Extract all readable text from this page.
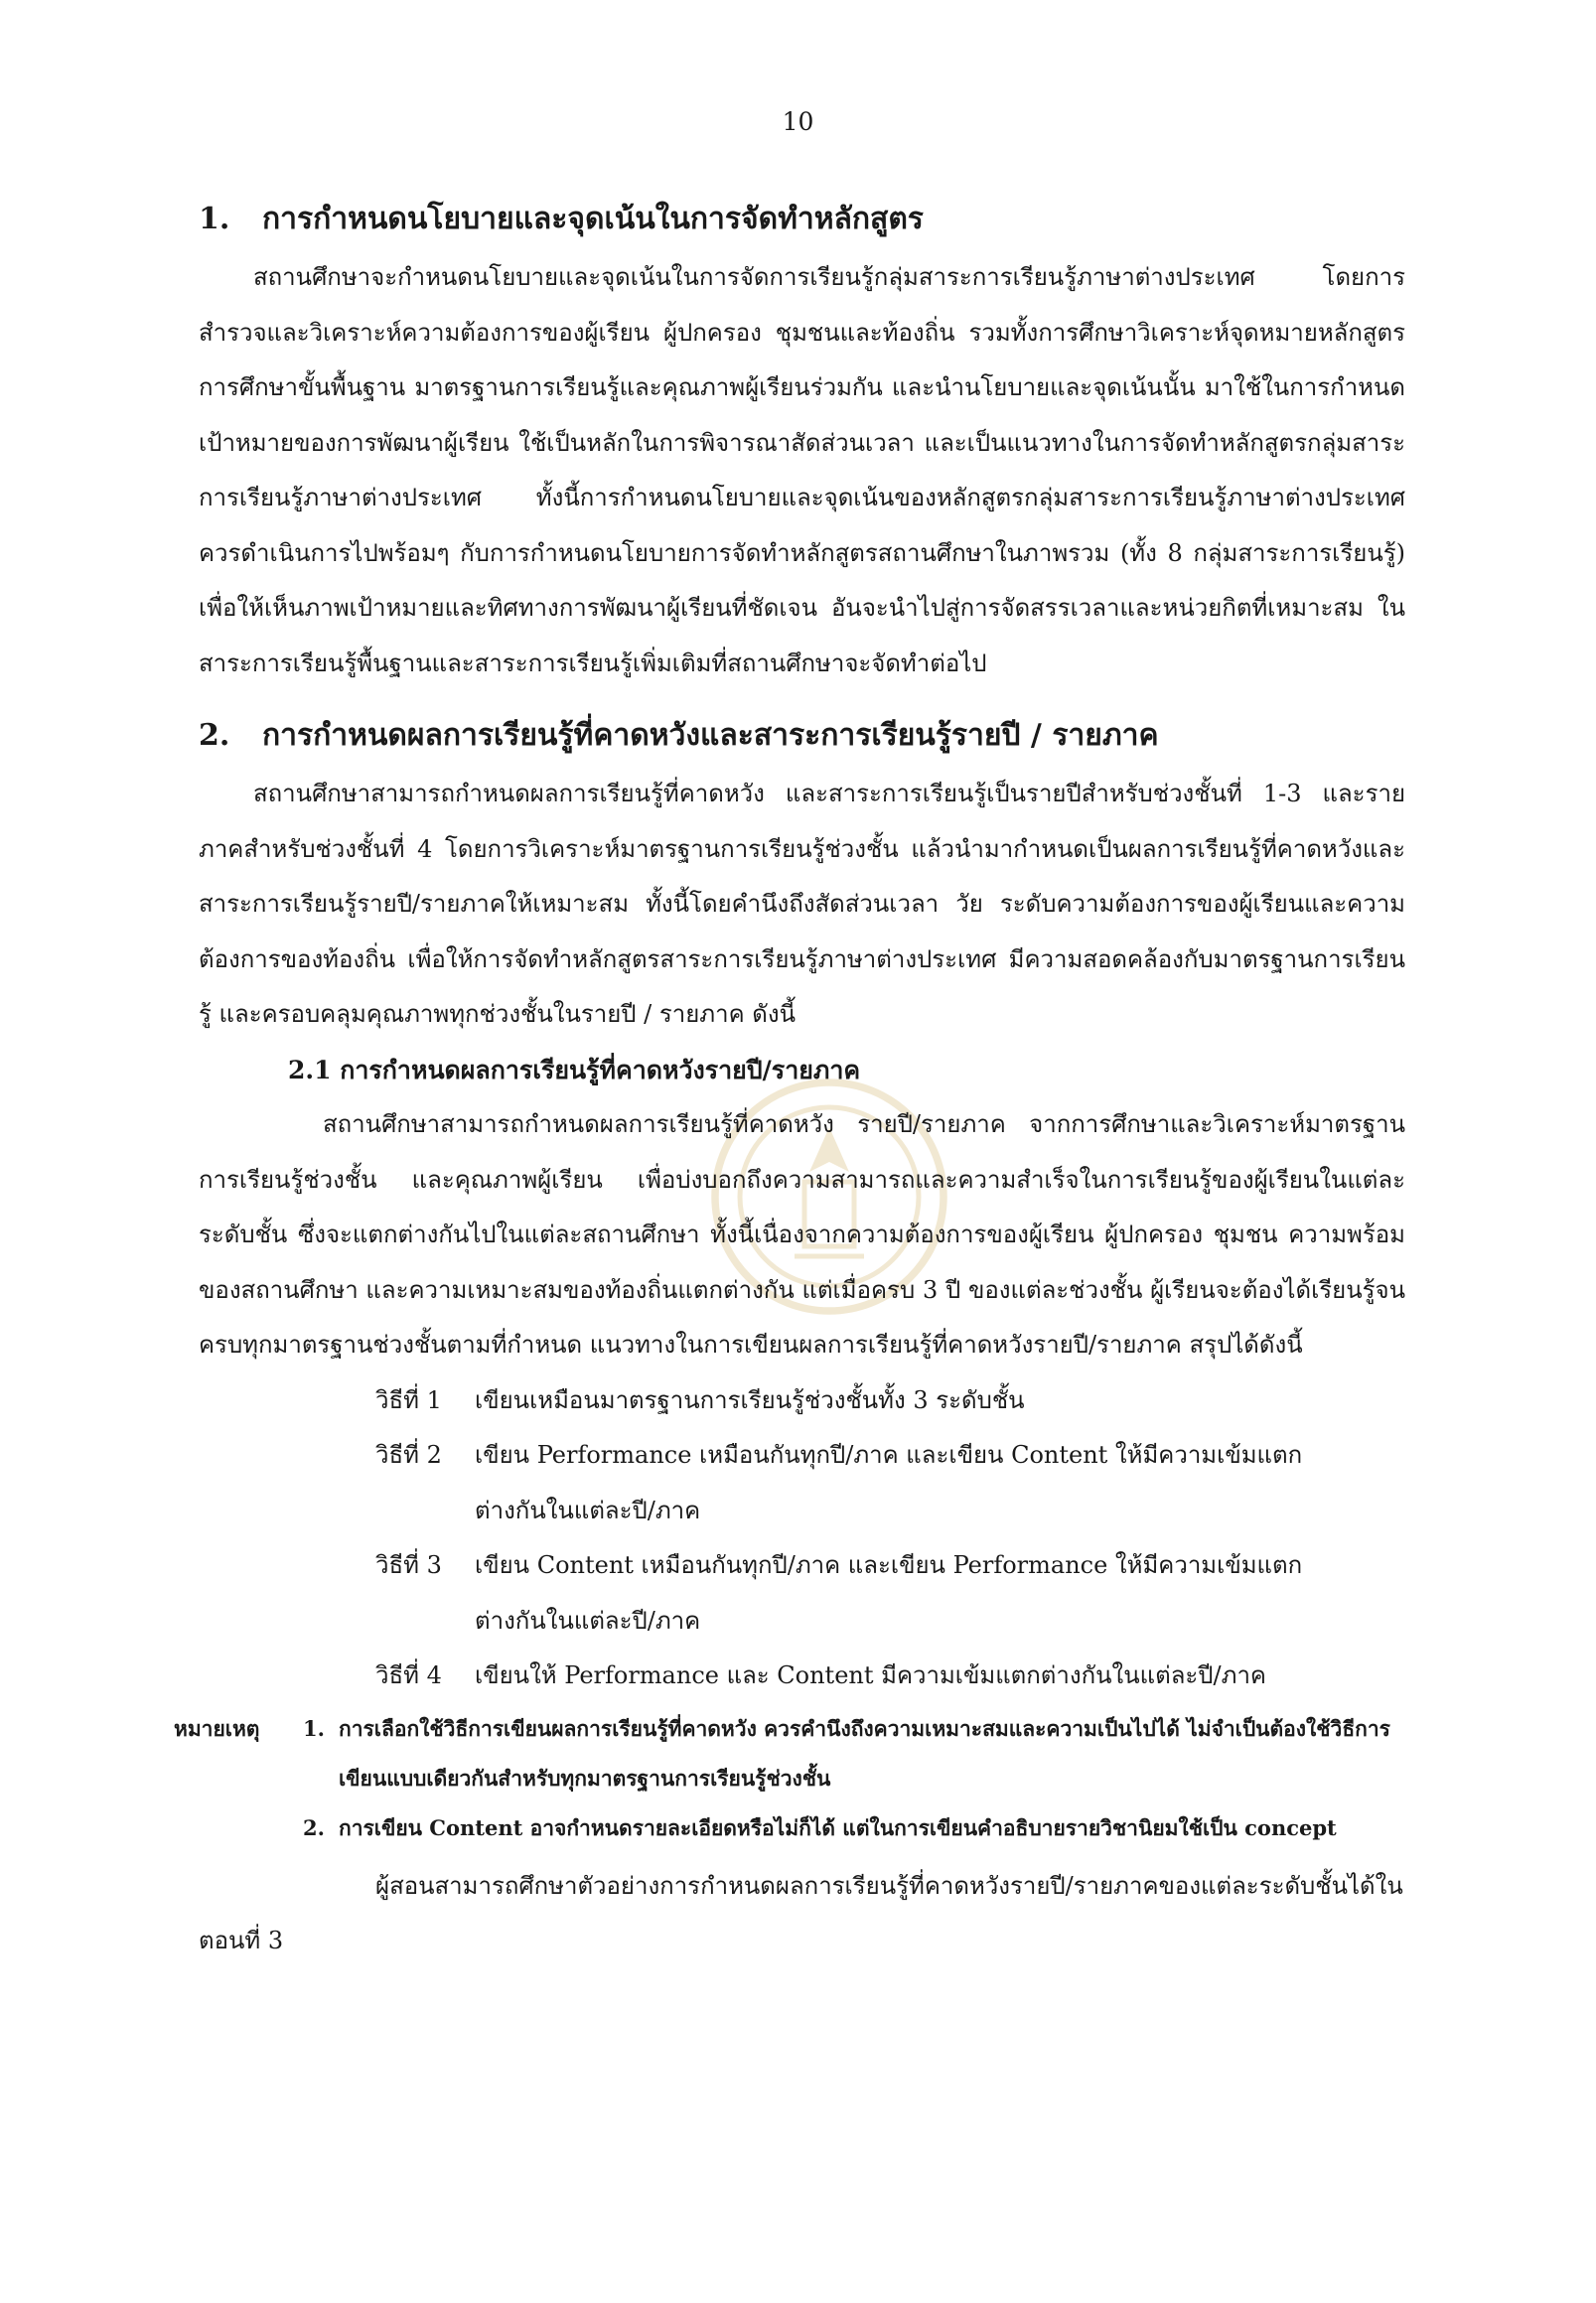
10
1. การกำหนดนโยบายและจุดเน้นในการจัดทำหลักสูตร

สถานศึกษาจะกำหนดนโยบายและจุดเน้นในการจัดการเรียนรู้กลุ่มสาระการเรียนรู้ภาษาต่างประเทศ โดยการสำรวจและวิเคราะห์ความต้องการของผู้เรียน ผู้ปกครอง ชุมชนและท้องถิ่น รวมทั้งการศึกษาวิเคราะห์จุดหมายหลักสูตรการศึกษาขั้นพื้นฐาน มาตรฐานการเรียนรู้และคุณภาพผู้เรียนร่วมกัน และนำนโยบายและจุดเน้นนั้น มาใช้ในการกำหนดเป้าหมายของการพัฒนาผู้เรียน ใช้เป็นหลักในการพิจารณาสัดส่วนเวลา และเป็นแนวทางในการจัดทำหลักสูตรกลุ่มสาระการเรียนรู้ภาษาต่างประเทศ ทั้งนี้การกำหนดนโยบายและจุดเน้นของหลักสูตรกลุ่มสาระการเรียนรู้ภาษาต่างประเทศ ควรดำเนินการไปพร้อมๆ กับการกำหนดนโยบายการจัดทำหลักสูตรสถานศึกษาในภาพรวม (ทั้ง 8 กลุ่มสาระการเรียนรู้) เพื่อให้เห็นภาพเป้าหมายและทิศทางการพัฒนาผู้เรียนที่ชัดเจน อันจะนำไปสู่การจัดสรรเวลาและหน่วยกิตที่เหมาะสม ในสาระการเรียนรู้พื้นฐานและสาระการเรียนรู้เพิ่มเติมที่สถานศึกษาจะจัดทำต่อไป

2. การกำหนดผลการเรียนรู้ที่คาดหวังและสาระการเรียนรู้รายปี / รายภาค

สถานศึกษาสามารถกำหนดผลการเรียนรู้ที่คาดหวัง และสาระการเรียนรู้เป็นรายปีสำหรับช่วงชั้นที่ 1-3 และรายภาคสำหรับช่วงชั้นที่ 4 โดยการวิเคราะห์มาตรฐานการเรียนรู้ช่วงชั้น แล้วนำมากำหนดเป็นผลการเรียนรู้ที่คาดหวังและสาระการเรียนรู้รายปี/รายภาคให้เหมาะสม ทั้งนี้โดยคำนึงถึงสัดส่วนเวลา วัย ระดับความต้องการของผู้เรียนและความต้องการของท้องถิ่น เพื่อให้การจัดทำหลักสูตรสาระการเรียนรู้ภาษาต่างประเทศ มีความสอดคล้องกับมาตรฐานการเรียนรู้ และครอบคลุมคุณภาพทุกช่วงชั้นในรายปี / รายภาค ดังนี้

2.1 การกำหนดผลการเรียนรู้ที่คาดหวังรายปี/รายภาค

สถานศึกษาสามารถกำหนดผลการเรียนรู้ที่คาดหวัง รายปี/รายภาค จากการศึกษาและวิเคราะห์มาตรฐานการเรียนรู้ช่วงชั้น และคุณภาพผู้เรียน เพื่อบ่งบอกถึงความสามารถและความสำเร็จในการเรียนรู้ของผู้เรียนในแต่ละระดับชั้น ซึ่งจะแตกต่างกันไปในแต่ละสถานศึกษา ทั้งนี้เนื่องจากความต้องการของผู้เรียน ผู้ปกครอง ชุมชน ความพร้อมของสถานศึกษา และความเหมาะสมของท้องถิ่นแตกต่างกัน แต่เมื่อครบ 3 ปี ของแต่ละช่วงชั้น ผู้เรียนจะต้องได้เรียนรู้จนครบทุกมาตรฐานช่วงชั้นตามที่กำหนด แนวทางในการเขียนผลการเรียนรู้ที่คาดหวังรายปี/รายภาค สรุปได้ดังนี้

วิธีที่ 1	เขียนเหมือนมาตรฐานการเรียนรู้ช่วงชั้นทั้ง 3 ระดับชั้น
วิธีที่ 2	เขียน Performance เหมือนกันทุกปี/ภาค และเขียน Content ให้มีความเข้มแตกต่างกันในแต่ละปี/ภาค
วิธีที่ 3	เขียน Content เหมือนกันทุกปี/ภาค และเขียน Performance ให้มีความเข้มแตกต่างกันในแต่ละปี/ภาค
วิธีที่ 4	เขียนให้ Performance และ Content มีความเข้มแตกต่างกันในแต่ละปี/ภาค
หมายเหตุ	1. การเลือกใช้วิธีการเขียนผลการเรียนรู้ที่คาดหวัง ควรคำนึงถึงความเหมาะสมและความเป็นไปได้ ไม่จำเป็นต้องใช้วิธีการเขียนแบบเดียวกันสำหรับทุกมาตรฐานการเรียนรู้ช่วงชั้น
2. การเขียน Content อาจกำหนดรายละเอียดหรือไม่ก็ได้ แต่ในการเขียนคำอธิบายรายวิชานิยมใช้เป็น concept

ผู้สอนสามารถศึกษาตัวอย่างการกำหนดผลการเรียนรู้ที่คาดหวังรายปี/รายภาคของแต่ละระดับชั้นได้ในตอนที่ 3
